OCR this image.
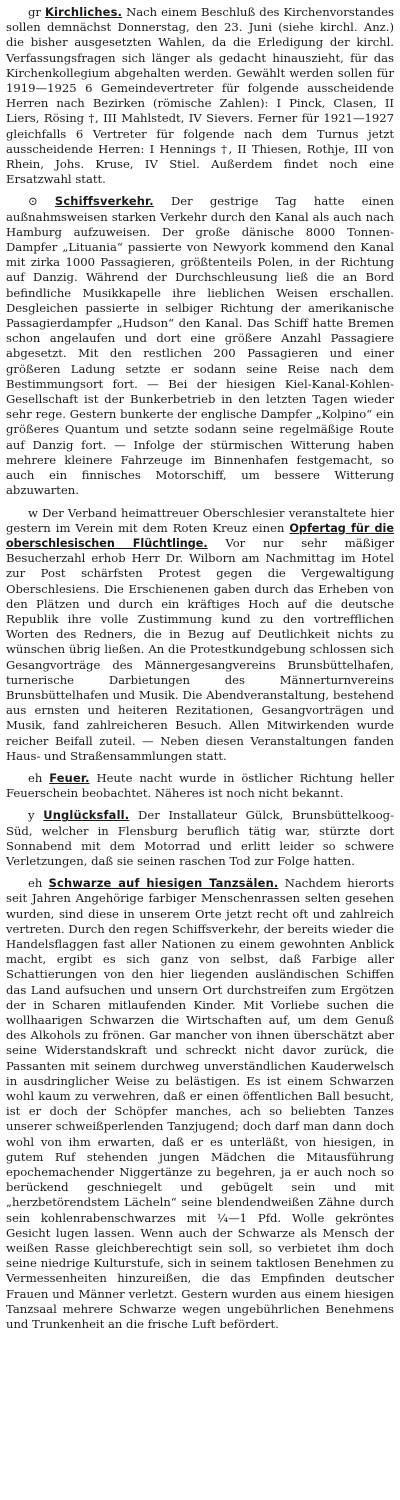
gr Kirchliches. Nach einem Beschluß des Kirchenvorstandes sollen demnächst Donnerstag, den 23. Juni (siehe kirchl. Anz.) die bisher ausgesetzten Wahlen, da die Erledigung der kirchl. Verfassungsfragen sich länger als gedacht hinauszieht, für das Kirchenkollegium abgehalten werden. Gewählt werden sollen für 1919—1925 6 Gemeindevertreter für folgende ausscheidende Herren nach Bezirken (römische Zahlen): I Pinck, Clasen, II Liers, Rösing †, III Mahlstedt, IV Sievers. Ferner für 1921—1927 gleichfalls 6 Vertreter für folgende nach dem Turnus jetzt ausscheidende Herren: I Hennings †, II Thiesen, Rothje, III von Rhein, Johs. Kruse, IV Stiel. Außerdem findet noch eine Ersatzwahl statt.

⊙ Schiffsverkehr. Der gestrige Tag hatte einen außnahmsweisen starken Verkehr durch den Kanal als auch nach Hamburg aufzuweisen. Der große dänische 8000 Tonnen-Dampfer „Lituania“ passierte von Newyork kommend den Kanal mit zirka 1000 Passagieren, größtenteils Polen, in der Richtung auf Danzig. Während der Durchschleusung ließ die an Bord befindliche Musikkapelle ihre lieblichen Weisen erschallen. Desgleichen passierte in selbiger Richtung der amerikanische Passagierdampfer „Hudson“ den Kanal. Das Schiff hatte Bremen schon angelaufen und dort eine größere Anzahl Passagiere abgesetzt. Mit den restlichen 200 Passagieren und einer größeren Ladung setzte er sodann seine Reise nach dem Bestimmungsort fort. — Bei der hiesigen Kiel-Kanal-Kohlen-Gesellschaft ist der Bunkerbetrieb in den letzten Tagen wieder sehr rege. Gestern bunkerte der englische Dampfer „Kolpino“ ein größeres Quantum und setzte sodann seine regelmäßige Route auf Danzig fort. — Infolge der stürmischen Witterung haben mehrere kleinere Fahrzeuge im Binnenhafen festgemacht, so auch ein finnisches Motorschiff, um bessere Witterung abzuwarten.

w Der Verband heimattreuer Oberschlesier veranstaltete hier gestern im Verein mit dem Roten Kreuz einen Opfertag für die oberschlesischen Flüchtlinge. Vor nur sehr mäßiger Besucherzahl erhob Herr Dr. Wilborn am Nachmittag im Hotel zur Post schärfsten Protest gegen die Vergewaltigung Oberschlesiens. Die Erschienenen gaben durch das Erheben von den Plätzen und durch ein kräftiges Hoch auf die deutsche Republik ihre volle Zustimmung kund zu den vortrefflichen Worten des Redners, die in Bezug auf Deutlichkeit nichts zu wünschen übrig ließen. An die Protestkundgebung schlossen sich Gesangvorträge des Männergesangvereins Brunsbüttelhafen, turnerische Darbietungen des Männerturnvereins Brunsbüttelhafen und Musik. Die Abendveranstaltung, bestehend aus ernsten und heiteren Rezitationen, Gesangvorträgen und Musik, fand zahlreicheren Besuch. Allen Mitwirkenden wurde reicher Beifall zuteil. — Neben diesen Veranstaltungen fanden Haus- und Straßensammlungen statt.

eh Feuer. Heute nacht wurde in östlicher Richtung heller Feuerschein beobachtet. Näheres ist noch nicht bekannt.

y Unglücksfall. Der Installateur Gülck, Brunsbüttelkoog-Süd, welcher in Flensburg beruflich tätig war, stürzte dort Sonnabend mit dem Motorrad und erlitt leider so schwere Verletzungen, daß sie seinen raschen Tod zur Folge hatten.

eh Schwarze auf hiesigen Tanzsälen. Nachdem hierorts seit Jahren Angehörige farbiger Menschenrassen selten gesehen wurden, sind diese in unserem Orte jetzt recht oft und zahlreich vertreten. Durch den regen Schiffsverkehr, der bereits wieder die Handelsflaggen fast aller Nationen zu einem gewohnten Anblick macht, ergibt es sich ganz von selbst, daß Farbige aller Schattierungen von den hier liegenden ausländischen Schiffen das Land aufsuchen und unsern Ort durchstreifen zum Ergötzen der in Scharen mitlaufenden Kinder. Mit Vorliebe suchen die wollhaarigen Schwarzen die Wirtschaften auf, um dem Genuß des Alkohols zu frönen. Gar mancher von ihnen überschätzt aber seine Widerstandskraft und schreckt nicht davor zurück, die Passanten mit seinem durchweg unverständlichen Kauderwelsch in ausdringlicher Weise zu belästigen. Es ist einem Schwarzen wohl kaum zu verwehren, daß er einen öffentlichen Ball besucht, ist er doch der Schöpfer manches, ach so beliebten Tanzes unserer schweißperlenden Tanzjugend; doch darf man dann doch wohl von ihm erwarten, daß er es unterläßt, von hiesigen, in gutem Ruf stehenden jungen Mädchen die Mitausführung epochemachender Niggertänze zu begehren, ja er auch noch so berückend geschniegelt und gebügelt sein und mit „herzbetörendstem Lächeln“ seine blendendweißen Zähne durch sein kohlenrabenschwarzes mit ¼—1 Pfd. Wolle gekröntes Gesicht lugen lassen. Wenn auch der Schwarze als Mensch der weißen Rasse gleichberechtigt sein soll, so verbietet ihm doch seine niedrige Kulturstufe, sich in seinem taktlosen Benehmen zu Vermessenheiten hinzureißen, die das Empfinden deutscher Frauen und Männer verletzt. Gestern wurden aus einem hiesigen Tanzsaal mehrere Schwarze wegen ungebührlichen Benehmens und Trunkenheit an die frische Luft befördert.
